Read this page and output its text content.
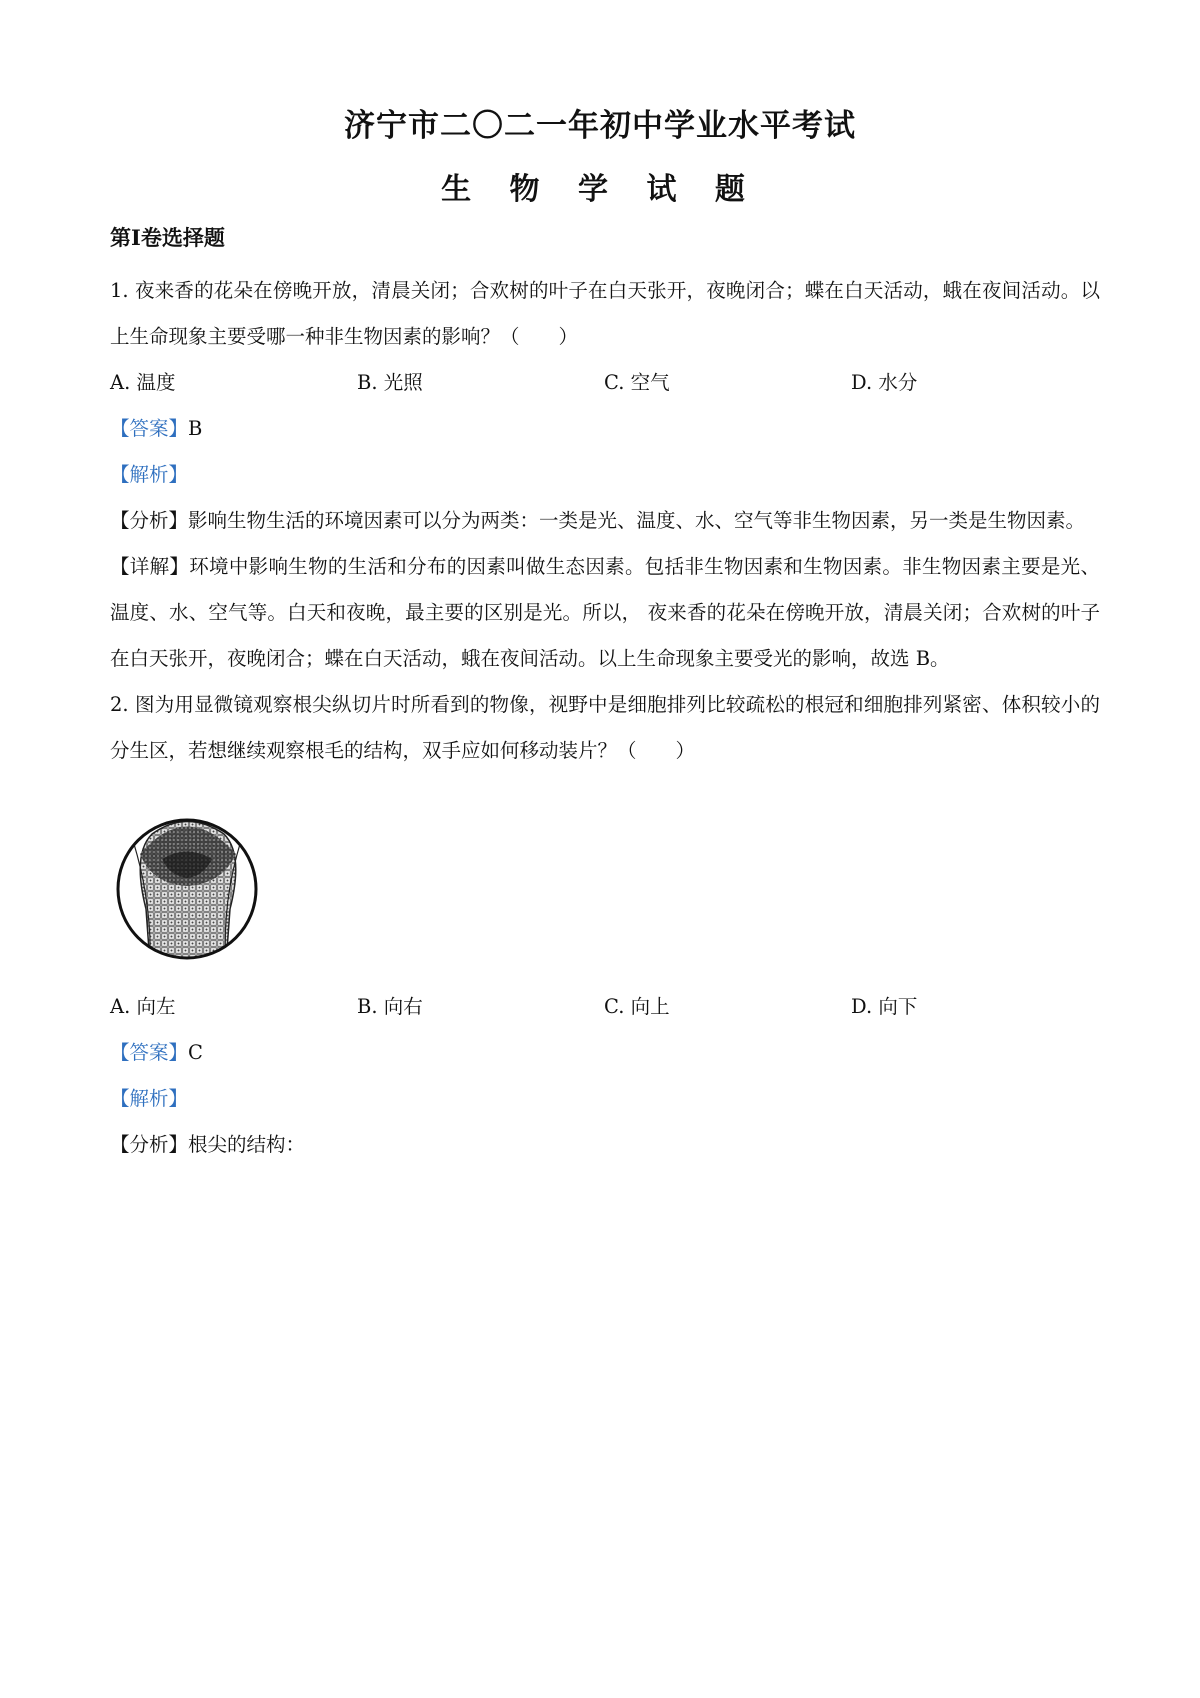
济宁市二〇二一年初中学业水平考试
生 物 学 试 题
第Ⅰ卷选择题
1. 夜来香的花朵在傍晚开放，清晨关闭；合欢树的叶子在白天张开，夜晚闭合；蝶在白天活动，蛾在夜间活动。以上生命现象主要受哪一种非生物因素的影响？（　　）
A. 温度	B. 光照	C. 空气	D. 水分
【答案】B
【解析】
【分析】影响生物生活的环境因素可以分为两类：一类是光、温度、水、空气等非生物因素，另一类是生物因素。
【详解】环境中影响生物的生活和分布的因素叫做生态因素。包括非生物因素和生物因素。非生物因素主要是光、温度、水、空气等。白天和夜晚，最主要的区别是光。所以， 夜来香的花朵在傍晚开放，清晨关闭；合欢树的叶子在白天张开，夜晚闭合；蝶在白天活动，蛾在夜间活动。以上生命现象主要受光的影响，故选 B。
2. 图为用显微镜观察根尖纵切片时所看到的物像，视野中是细胞排列比较疏松的根冠和细胞排列紧密、体积较小的分生区，若想继续观察根毛的结构，双手应如何移动装片？（　　）
A. 向左	B. 向右	C. 向上	D. 向下
【答案】C
【解析】
【分析】根尖的结构：
